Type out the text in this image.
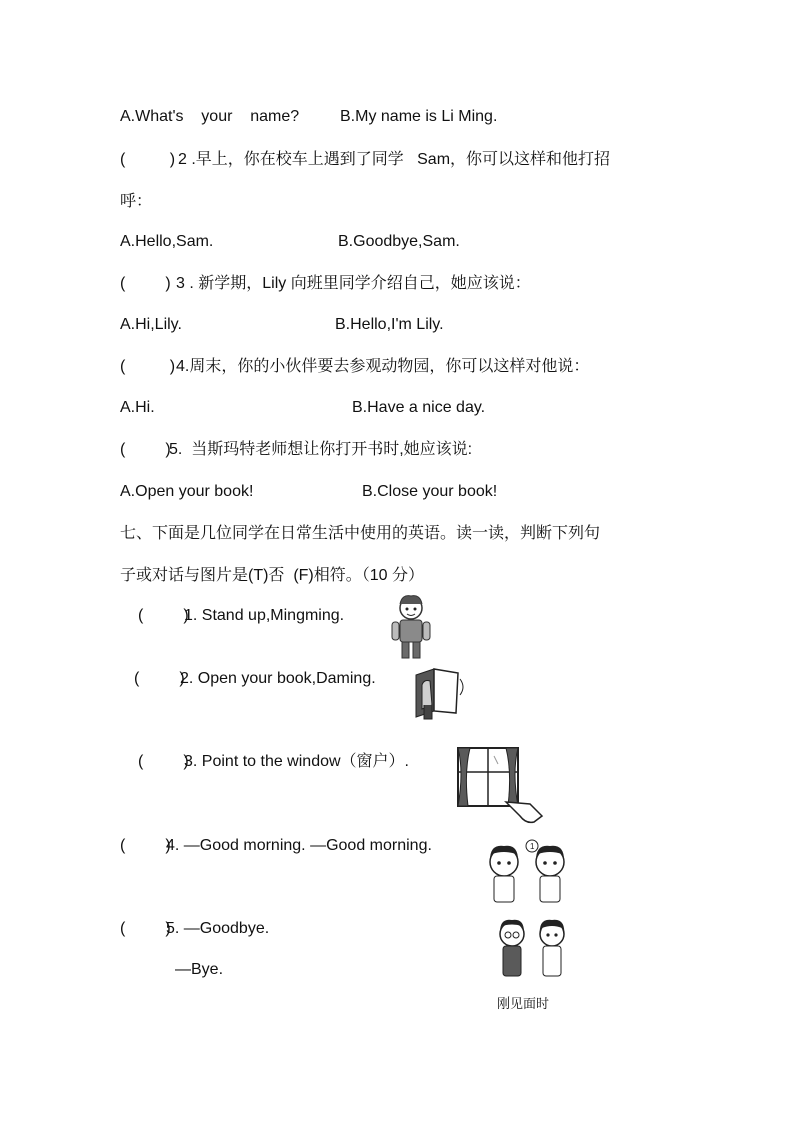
A.What's    your    name?	B.My name is Li Ming.
(          ) 2 .早上，你在校车上遇到了同学   Sam，你可以这样和他打招
呼：
A.Hello,Sam.	B.Goodbye,Sam.
(         ) 3 . 新学期，Lily 向班里同学介绍自己，她应该说：
A.Hi,Lily.	B.Hello,I'm Lily.
(          ) 4.周末，你的小伙伴要去参观动物园，你可以这样对他说：
A.Hi.	B.Have a nice day.
(         )
5.  当斯玛特老师想让你打开书时,她应该说:
A.Open your book!	B.Close your book!
七、下面是几位同学在日常生活中使用的英语。读一读，判断下列句
子或对话与图片是(T)否  (F)相符。（10 分）
(         )
1. Stand up,Mingming.
(         )
2. Open your book,Daming.
(         )
3. Point to the window（窗户）.
(         )
4. —Good morning. —Good morning.	1
(         )
5. —Goodbye.
—Bye.
刚见面时
